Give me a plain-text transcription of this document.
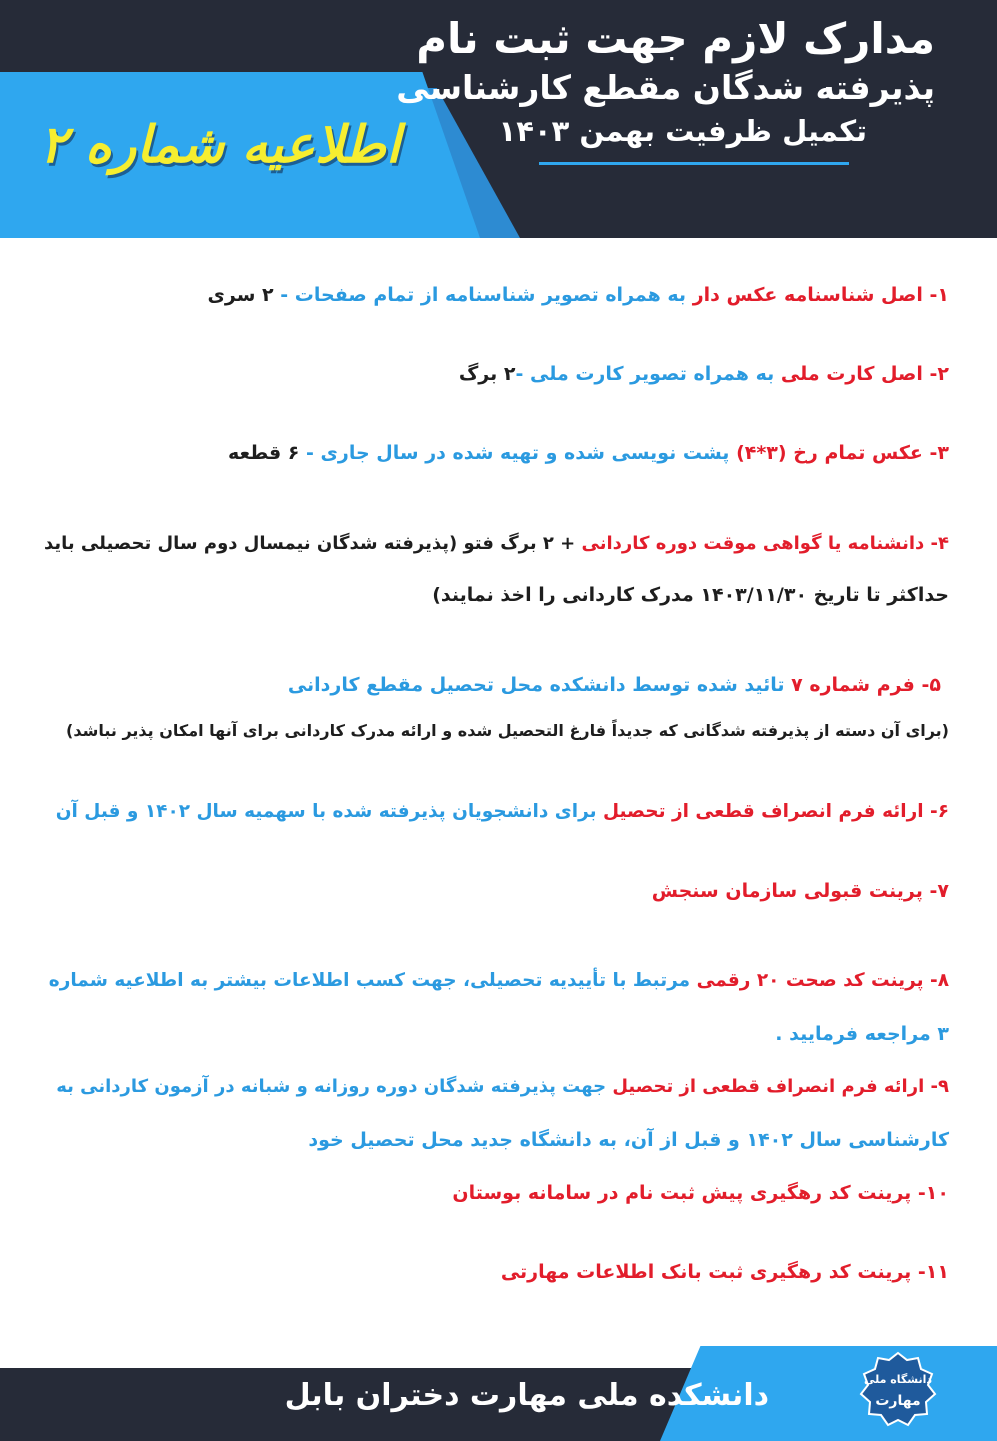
اطلاعیه شماره ۲
مدارک لازم جهت ثبت نام
پذیرفته شدگان مقطع کارشناسی
تکمیل ظرفیت بهمن ۱۴۰۳
۱- اصل شناسنامه عکس دار به همراه تصویر شناسنامه از تمام صفحات - ۲ سری
۲- اصل کارت ملی به همراه تصویر کارت ملی -۲ برگ
۳- عکس تمام رخ (۳*۴) پشت نویسی شده و تهیه شده در سال جاری - ۶ قطعه
۴- دانشنامه یا گواهی موقت دوره کاردانی + ۲ برگ فتو (پذیرفته شدگان نیمسال دوم سال تحصیلی باید
حداکثر تا تاریخ ۱۴۰۳/۱۱/۳۰ مدرک کاردانی را اخذ نمایند)
۵- فرم شماره ۷ تائید شده توسط دانشکده محل تحصیل مقطع کاردانی
(برای آن دسته از پذیرفته شدگانی که جدیداً فارغ التحصیل شده و ارائه مدرک کاردانی برای آنها امکان پذیر نباشد)
۶- ارائه فرم انصراف قطعی از تحصیل برای دانشجویان پذیرفته شده با سهمیه سال ۱۴۰۲ و قبل آن
۷- پرینت قبولی سازمان سنجش
۸- پرینت کد صحت ۲۰ رقمی مرتبط با تأییدیه تحصیلی، جهت کسب اطلاعات بیشتر به اطلاعیه شماره
۳ مراجعه فرمایید .
۹- ارائه فرم انصراف قطعی از تحصیل جهت پذیرفته شدگان دوره روزانه و شبانه در آزمون کاردانی به
کارشناسی سال ۱۴۰۲ و قبل از آن، به دانشگاه جدید محل تحصیل خود
۱۰- پرینت کد رهگیری پیش ثبت نام در سامانه بوستان
۱۱- پرینت کد رهگیری ثبت بانک اطلاعات مهارتی
دانشکده ملی مهارت دختران بابل	دانشگاه ملی
مهارت
